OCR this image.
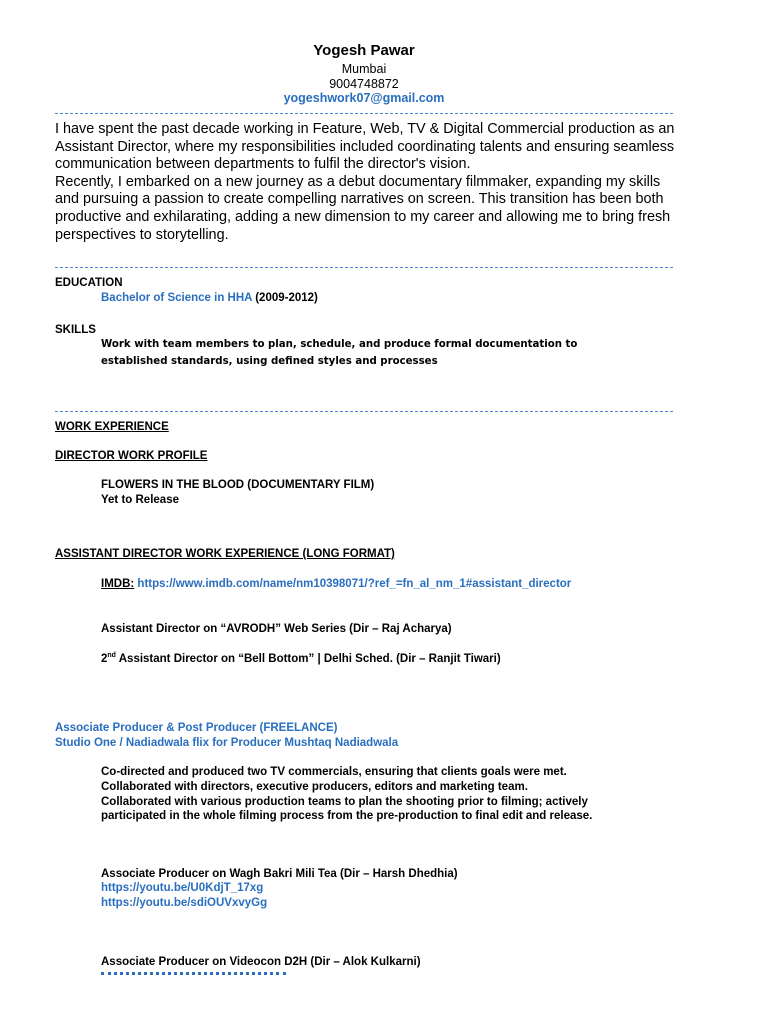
Yogesh Pawar
Mumbai
9004748872
yogeshwork07@gmail.com

I have spent the past decade working in Feature, Web, TV & Digital Commercial production as an Assistant Director, where my responsibilities included coordinating talents and ensuring seamless communication between departments to fulfil the director's vision.

Recently, I embarked on a new journey as a debut documentary filmmaker, expanding my skills and pursuing a passion to create compelling narratives on screen. This transition has been both productive and exhilarating, adding a new dimension to my career and allowing me to bring fresh perspectives to storytelling.

EDUCATION
Bachelor of Science in HHA (2009-2012)
SKILLS
Work with team members to plan, schedule, and produce formal documentation to
established standards, using defined styles and processes
WORK EXPERIENCE
DIRECTOR WORK PROFILE
FLOWERS IN THE BLOOD (DOCUMENTARY FILM)
Yet to Release
ASSISTANT DIRECTOR WORK EXPERIENCE (LONG FORMAT)
IMDB: https://www.imdb.com/name/nm10398071/?ref_=fn_al_nm_1#assistant_director
Assistant Director on “AVRODH” Web Series (Dir – Raj Acharya)
2nd Assistant Director on “Bell Bottom” | Delhi Sched. (Dir – Ranjit Tiwari)
Associate Producer & Post Producer (FREELANCE)
Studio One / Nadiadwala flix for Producer Mushtaq Nadiadwala
Co-directed and produced two TV commercials, ensuring that clients goals were met.
Collaborated with directors, executive producers, editors and marketing team.
Collaborated with various production teams to plan the shooting prior to filming; actively
participated in the whole filming process from the pre-production to final edit and release.
Associate Producer on Wagh Bakri Mili Tea (Dir – Harsh Dhedhia)
https://youtu.be/U0KdjT_17xg
https://youtu.be/sdiOUVxvyGg
Associate Producer on Videocon D2H (Dir – Alok Kulkarni)
